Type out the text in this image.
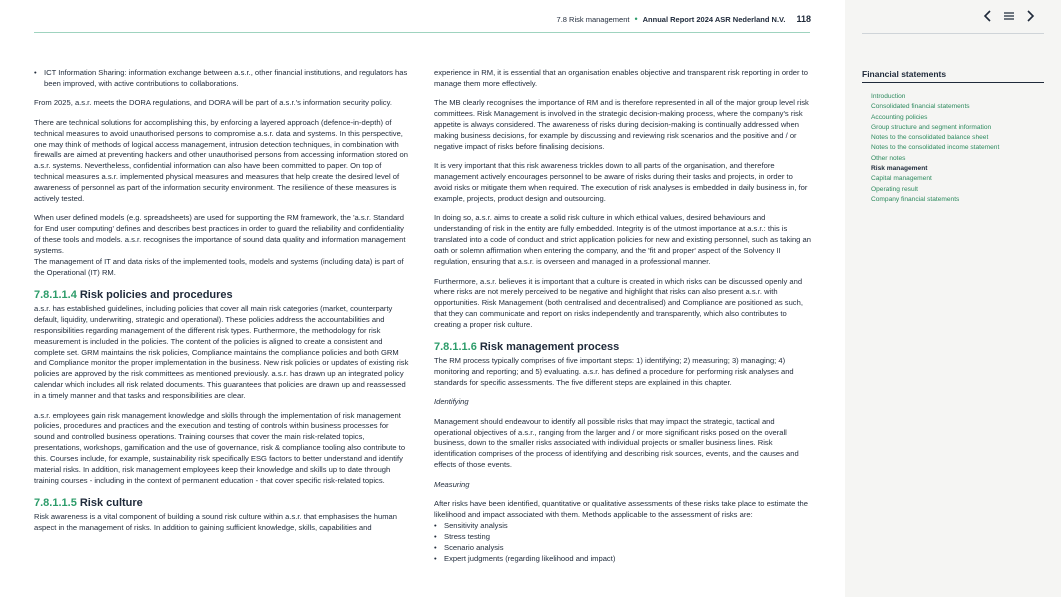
7.8 Risk management • Annual Report 2024 ASR Nederland N.V. 118
• ICT Information Sharing: information exchange between a.s.r., other financial institutions, and regulators has been improved, with active contributions to collaborations.

From 2025, a.s.r. meets the DORA regulations, and DORA will be part of a.s.r.'s information security policy.

There are technical solutions for accomplishing this, by enforcing a layered approach (defence-in-depth) of technical measures to avoid unauthorised persons to compromise a.s.r. data and systems. In this perspective, one may think of methods of logical access management, intrusion detection techniques, in combination with firewalls are aimed at preventing hackers and other unauthorised persons from accessing information stored on a.s.r. systems. Nevertheless, confidential information can also have been committed to paper. On top of technical measures a.s.r. implemented physical measures and measures that help create the desired level of awareness of personnel as part of the information security environment. The resilience of these measures is actively tested.

When user defined models (e.g. spreadsheets) are used for supporting the RM framework, the 'a.s.r. Standard for End user computing' defines and describes best practices in order to guard the reliability and confidentiality of these tools and models. a.s.r. recognises the importance of sound data quality and information management systems.

The management of IT and data risks of the implemented tools, models and systems (including data) is part of the Operational (IT) RM.

7.8.1.1.4 Risk policies and procedures

a.s.r. has established guidelines, including policies that cover all main risk categories (market, counterparty default, liquidity, underwriting, strategic and operational). These policies address the accountabilities and responsibilities regarding management of the different risk types. Furthermore, the methodology for risk measurement is included in the policies. The content of the policies is aligned to create a consistent and complete set. GRM maintains the risk policies, Compliance maintains the compliance policies and both GRM and Compliance monitor the proper implementation in the business. New risk policies or updates of existing risk policies are approved by the risk committees as mentioned previously. a.s.r. has drawn up an integrated policy calendar which includes all risk related documents. This guarantees that policies are drawn up and reassessed in a timely manner and that tasks and responsibilities are clear.

a.s.r. employees gain risk management knowledge and skills through the implementation of risk management policies, procedures and practices and the execution and testing of controls within business processes for sound and controlled business operations. Training courses that cover the main risk-related topics, presentations, workshops, gamification and the use of governance, risk & compliance tooling also contribute to this. Courses include, for example, sustainability risk specifically ESG factors to better understand and identify material risks. In addition, risk management employees keep their knowledge and skills up to date through training courses - including in the context of permanent education - that cover specific risk-related topics.

7.8.1.1.5 Risk culture

Risk awareness is a vital component of building a sound risk culture within a.s.r. that emphasises the human aspect in the management of risks. In addition to gaining sufficient knowledge, skills, capabilities and

experience in RM, it is essential that an organisation enables objective and transparent risk reporting in order to manage them more effectively.

The MB clearly recognises the importance of RM and is therefore represented in all of the major group level risk committees. Risk Management is involved in the strategic decision-making process, where the company's risk appetite is always considered. The awareness of risks during decision-making is continually addressed when making business decisions, for example by discussing and reviewing risk scenarios and the positive and / or negative impact of risks before finalising decisions.

It is very important that this risk awareness trickles down to all parts of the organisation, and therefore management actively encourages personnel to be aware of risks during their tasks and projects, in order to avoid risks or mitigate them when required. The execution of risk analyses is embedded in daily business in, for example, projects, product design and outsourcing.

In doing so, a.s.r. aims to create a solid risk culture in which ethical values, desired behaviours and understanding of risk in the entity are fully embedded. Integrity is of the utmost importance at a.s.r.: this is translated into a code of conduct and strict application policies for new and existing personnel, such as taking an oath or solemn affirmation when entering the company, and the 'fit and proper' aspect of the Solvency II regulation, ensuring that a.s.r. is overseen and managed in a professional manner.

Furthermore, a.s.r. believes it is important that a culture is created in which risks can be discussed openly and where risks are not merely perceived to be negative and highlight that risks can also present a.s.r. with opportunities. Risk Management (both centralised and decentralised) and Compliance are positioned as such, that they can communicate and report on risks independently and transparently, which also contributes to creating a proper risk culture.

7.8.1.1.6 Risk management process

The RM process typically comprises of five important steps: 1) identifying; 2) measuring; 3) managing; 4) monitoring and reporting; and 5) evaluating. a.s.r. has defined a procedure for performing risk analyses and standards for specific assessments. The five different steps are explained in this chapter.

Identifying

Management should endeavour to identify all possible risks that may impact the strategic, tactical and operational objectives of a.s.r., ranging from the larger and / or more significant risks posed on the overall business, down to the smaller risks associated with individual projects or smaller business lines. Risk identification comprises of the process of identifying and describing risk sources, events, and the causes and effects of those events.

Measuring

After risks have been identified, quantitative or qualitative assessments of these risks take place to estimate the likelihood and impact associated with them. Methods applicable to the assessment of risks are:

• Sensitivity analysis
• Stress testing
• Scenario analysis
• Expert judgments (regarding likelihood and impact)
Financial statements
Introduction
Consolidated financial statements
Accounting policies
Group structure and segment information
Notes to the consolidated balance sheet
Notes to the consolidated income statement
Other notes
Risk management
Capital management
Operating result
Company financial statements
